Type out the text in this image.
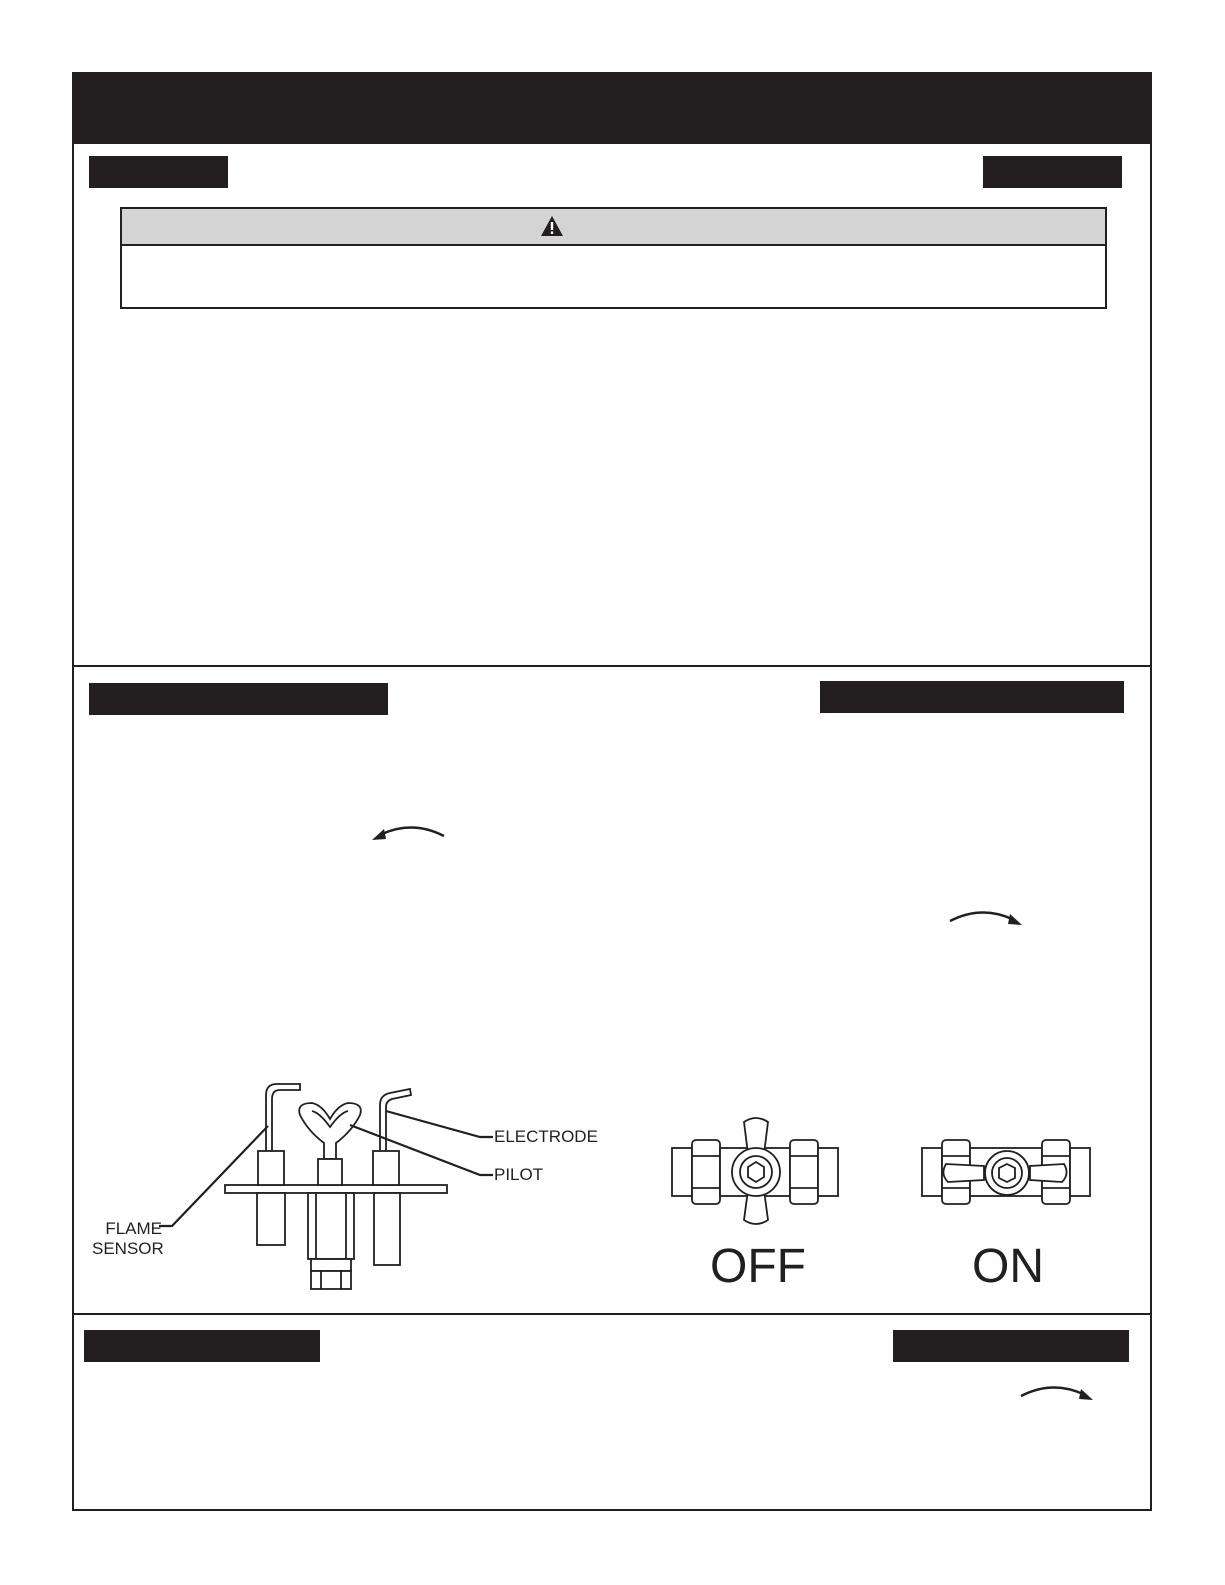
FLAME
SENSOR
ELECTRODE
PILOT
OFF	ON
